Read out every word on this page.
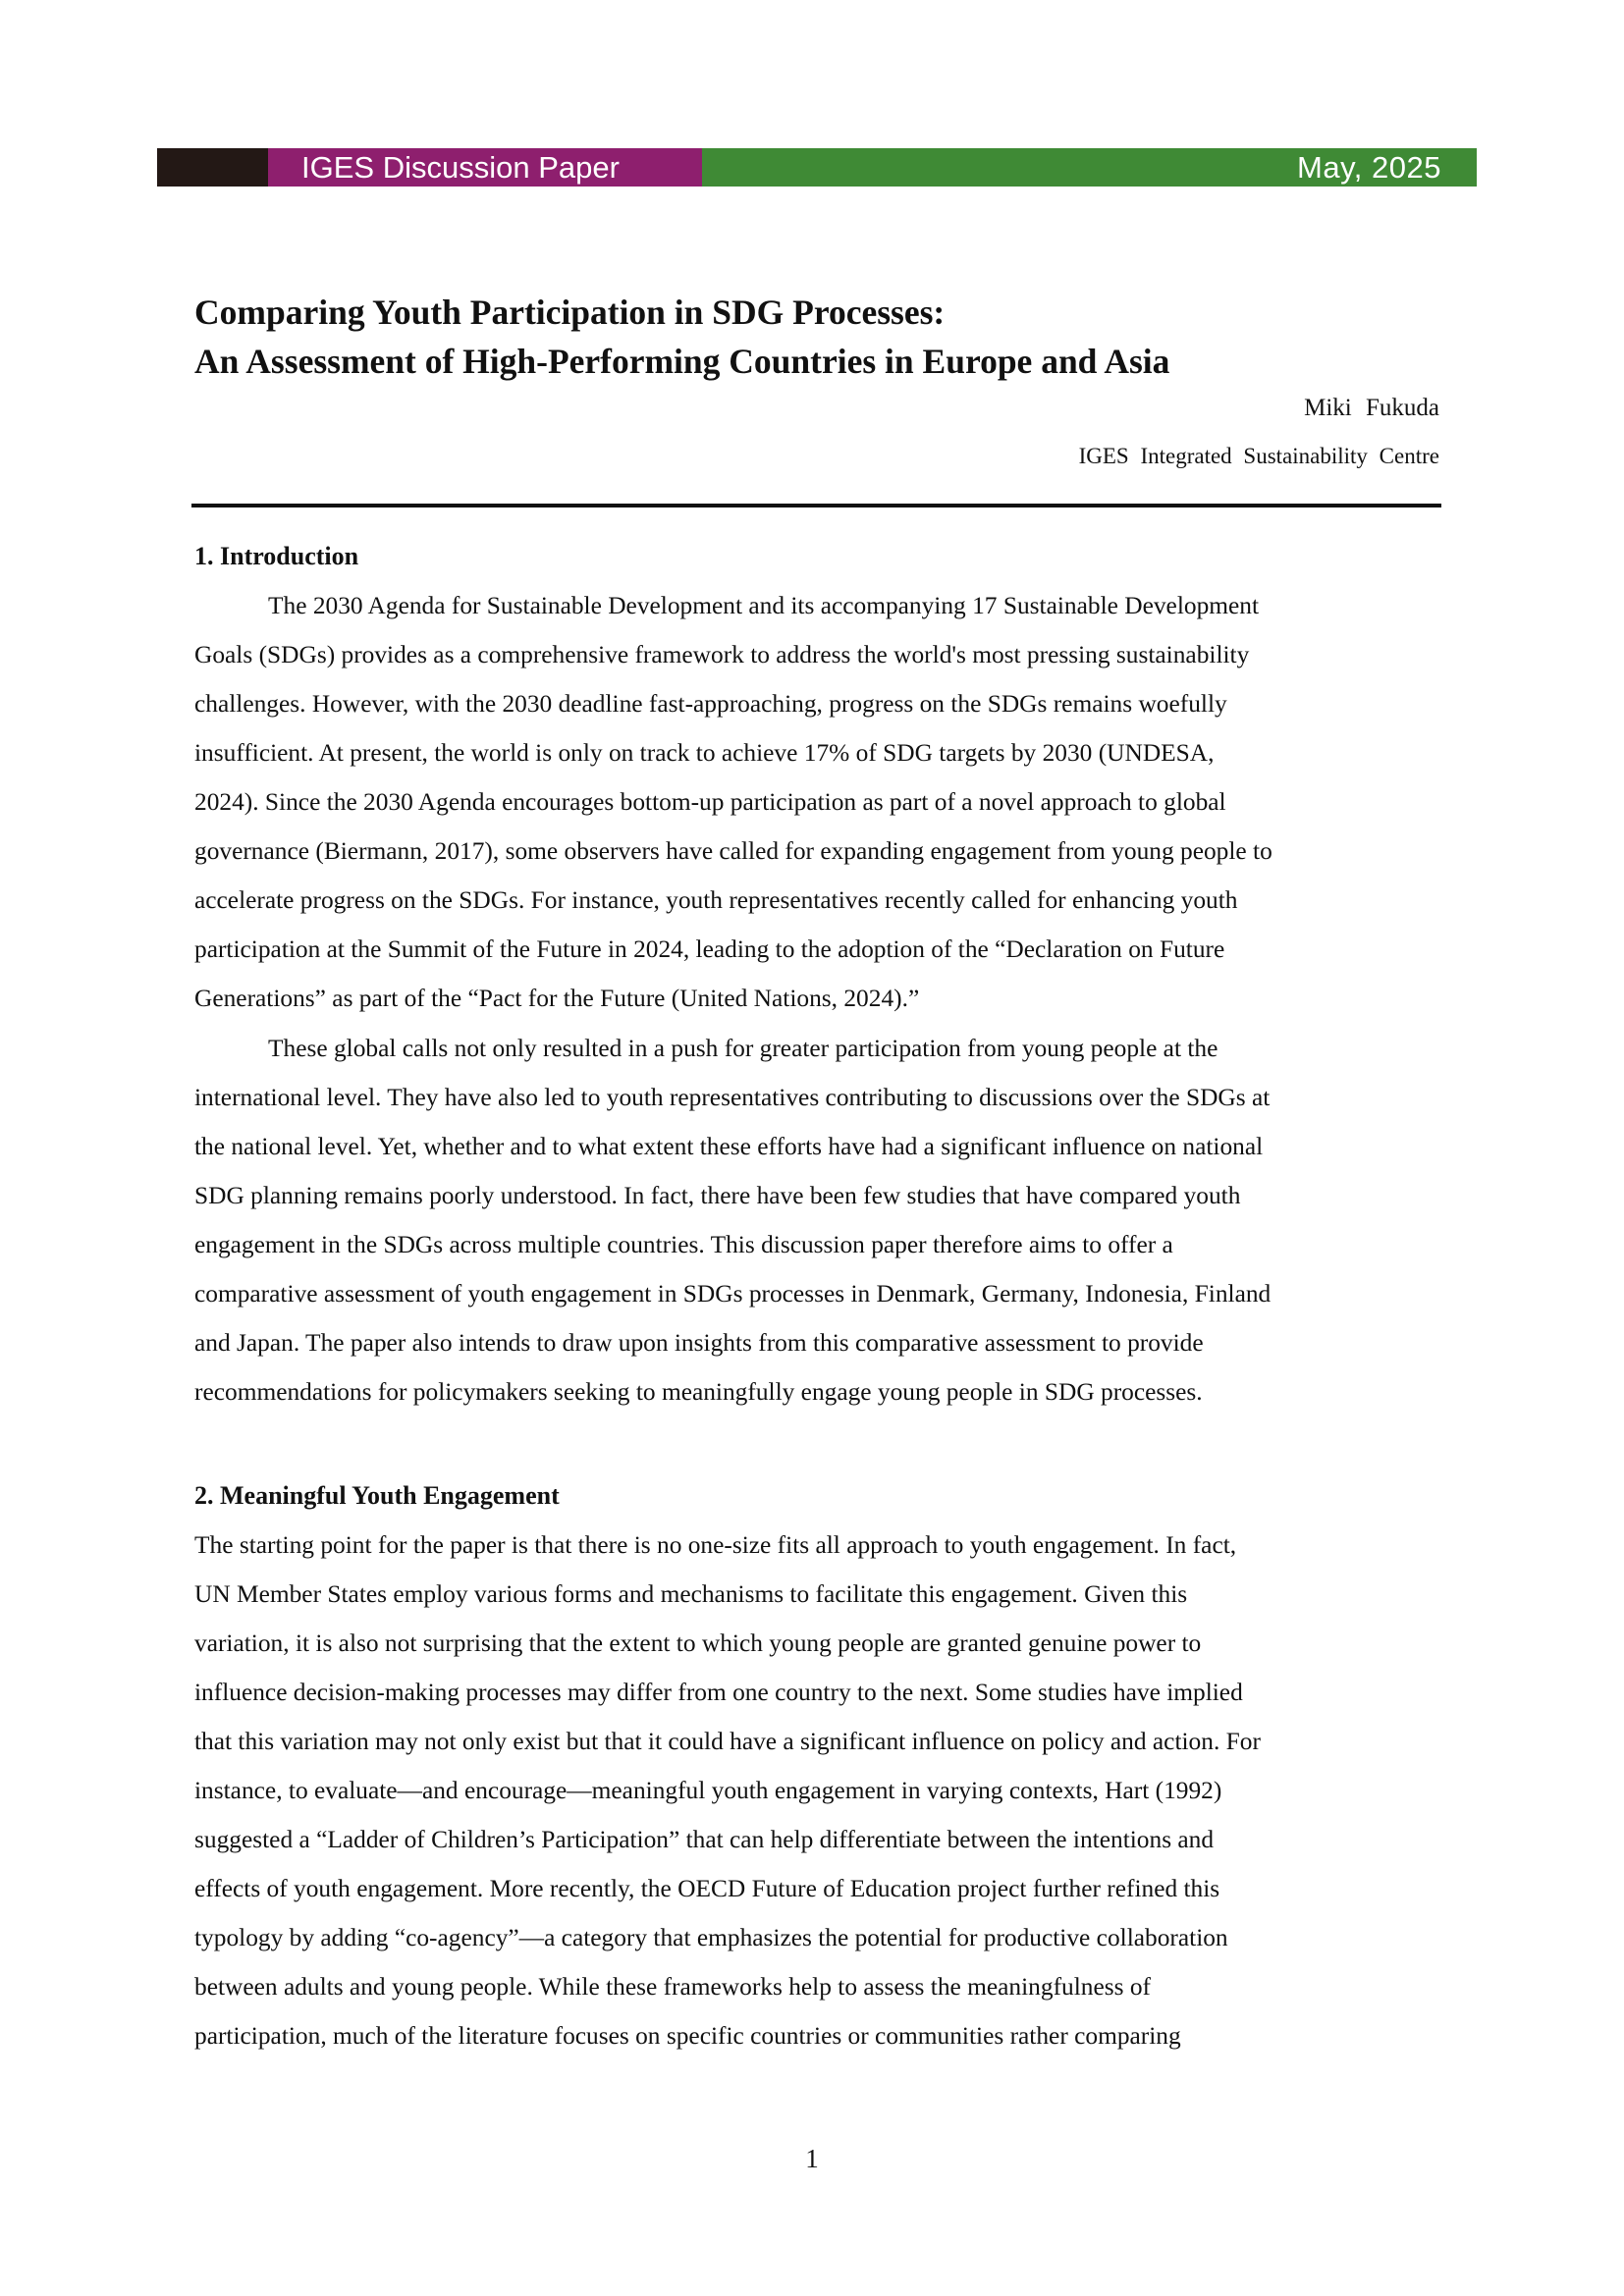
IGES Discussion Paper	May, 2025
Comparing Youth Participation in SDG Processes:
An Assessment of High-Performing Countries in Europe and Asia
Miki Fukuda
IGES Integrated Sustainability Centre
1. Introduction
The 2030 Agenda for Sustainable Development and its accompanying 17 Sustainable Development
Goals (SDGs) provides as a comprehensive framework to address the world's most pressing sustainability
challenges. However, with the 2030 deadline fast-approaching, progress on the SDGs remains woefully
insufficient. At present, the world is only on track to achieve 17% of SDG targets by 2030 (UNDESA,
2024). Since the 2030 Agenda encourages bottom-up participation as part of a novel approach to global
governance (Biermann, 2017), some observers have called for expanding engagement from young people to
accelerate progress on the SDGs. For instance, youth representatives recently called for enhancing youth
participation at the Summit of the Future in 2024, leading to the adoption of the “Declaration on Future
Generations” as part of the “Pact for the Future (United Nations, 2024).”
These global calls not only resulted in a push for greater participation from young people at the
international level. They have also led to youth representatives contributing to discussions over the SDGs at
the national level. Yet, whether and to what extent these efforts have had a significant influence on national
SDG planning remains poorly understood. In fact, there have been few studies that have compared youth
engagement in the SDGs across multiple countries. This discussion paper therefore aims to offer a
comparative assessment of youth engagement in SDGs processes in Denmark, Germany, Indonesia, Finland
and Japan. The paper also intends to draw upon insights from this comparative assessment to provide
recommendations for policymakers seeking to meaningfully engage young people in SDG processes.
2. Meaningful Youth Engagement
The starting point for the paper is that there is no one-size fits all approach to youth engagement. In fact,
UN Member States employ various forms and mechanisms to facilitate this engagement. Given this
variation, it is also not surprising that the extent to which young people are granted genuine power to
influence decision-making processes may differ from one country to the next. Some studies have implied
that this variation may not only exist but that it could have a significant influence on policy and action. For
instance, to evaluate—and encourage—meaningful youth engagement in varying contexts, Hart (1992)
suggested a “Ladder of Children’s Participation” that can help differentiate between the intentions and
effects of youth engagement. More recently, the OECD Future of Education project further refined this
typology by adding “co-agency”—a category that emphasizes the potential for productive collaboration
between adults and young people. While these frameworks help to assess the meaningfulness of
participation, much of the literature focuses on specific countries or communities rather comparing
1
